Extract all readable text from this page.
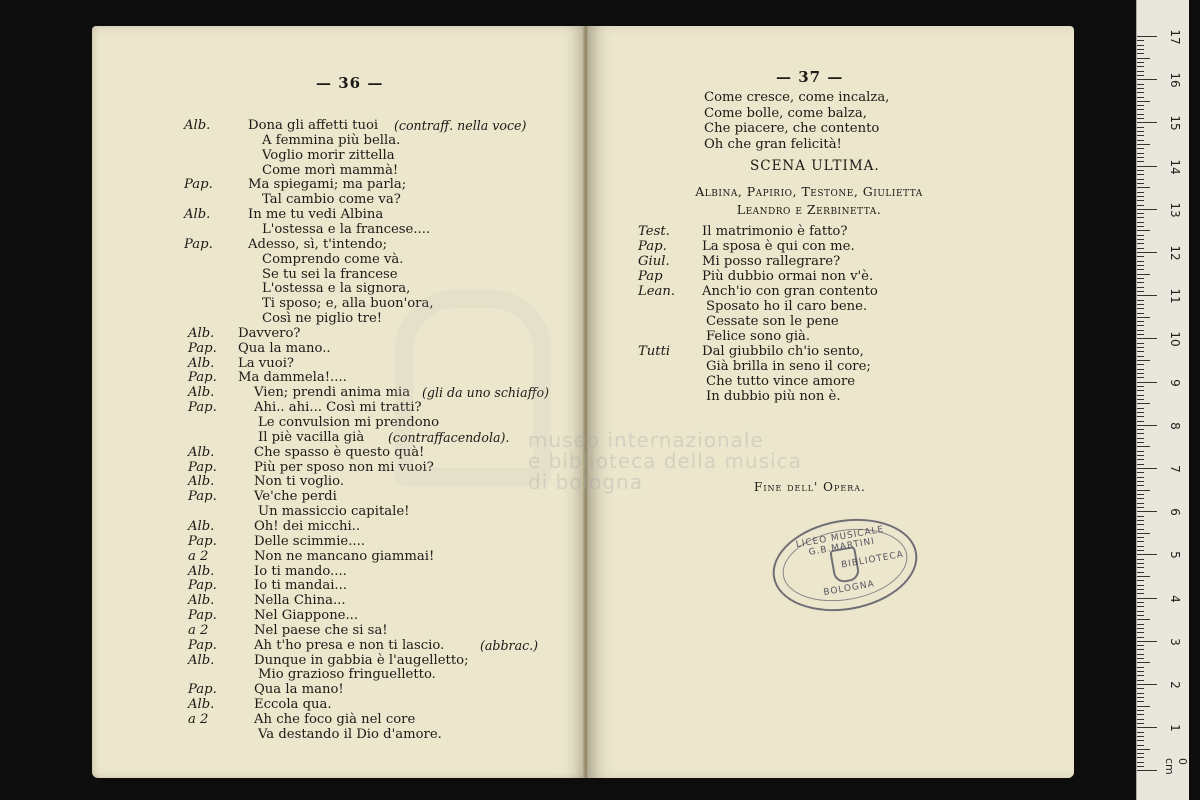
— 36 —
Alb.	Dona gli affetti tuoi (contraff. nella voce)
A femmina più bella.
Voglio morir zittella
Come morì mammà!
Pap.	Ma spiegami; ma parla;
Tal cambio come va?
Alb.	In me tu vedi Albina
L'ostessa e la francese....
Pap.	Adesso, sì, t'intendo;
Comprendo come và.
Se tu sei la francese
L'ostessa e la signora,
Ti sposo; e, alla buon'ora,
Così ne piglio tre!
Alb. Davvero?
Pap. Qua la mano..
Alb. La vuoi?
Pap. Ma dammela!....
Alb.	Vien; prendi anima mia (gli da uno schiaffo)
Pap.	Ahi.. ahi... Così mi tratti?
Le convulsion mi prendono
Il piè vacilla già (contraffacendola).
Alb.	Che spasso è questo quà!
Pap.	Più per sposo non mi vuoi?
Alb.	Non ti voglio.
Pap.	Ve'che perdi
Un massiccio capitale!
Alb.	Oh! dei micchi..
Pap.	Delle scimmie....
a 2	Non ne mancano giammai!
Alb.	Io ti mando....
Pap.	Io ti mandai...
Alb.	Nella China...
Pap.	Nel Giappone...
a 2	Nel paese che si sa!
Pap.	Ah t'ho presa e non ti lascio.	(abbrac.)
Alb.	Dunque in gabbia è l'augelletto;
Mio grazioso fringuelletto.
Pap.	Qua la mano!
Alb.	Eccola qua.
a 2	Ah che foco già nel core
Va destando il Dio d'amore.
— 37 —
Come cresce, come incalza,
Come bolle, come balza,
Che piacere, che contento
Oh che gran felicità!
SCENA ULTIMA.
Albina, Papirio, Testone, Giulietta
Leandro e Zerbinetta.
Test. Il matrimonio è fatto?
Pap.	La sposa è qui con me.
Giul. Mi posso rallegrare?
Pap	Più dubbio ormai non v'è.
Lean. Anch'io con gran contento
Sposato ho il caro bene.
Cessate son le pene
Felice sono già.
Tutti Dal giubbilo ch'io sento,
Già brilla in seno il core;
Che tutto vince amore
In dubbio più non è.
Fine dell' Opera.
museo internazionale
e biblioteca della musica
di bologna
LICEO MUSICALE G.B.MARTINI
BIBLIOTECA
BOLOGNA
0 cm
17
16
15
14
13
12
11
10
9
8
7
6
5
4
3
2
1
